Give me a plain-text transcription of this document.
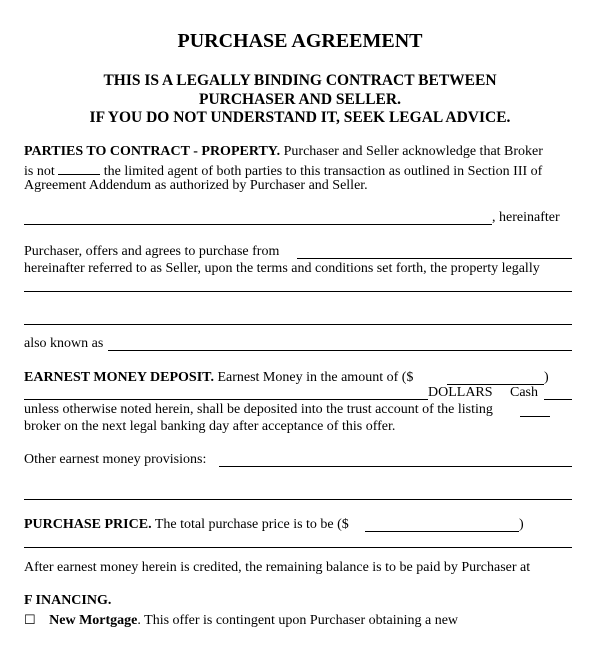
PURCHASE AGREEMENT
THIS IS A LEGALLY BINDING CONTRACT BETWEEN
PURCHASER AND SELLER.
IF YOU DO NOT UNDERSTAND IT, SEEK LEGAL ADVICE.
PARTIES TO CONTRACT - PROPERTY. Purchaser and Seller acknowledge that Broker
is not	the limited agent of both parties to this transaction as outlined in Section III of
Agreement Addendum as authorized by Purchaser and Seller.
, hereinafter
Purchaser, offers and agrees to purchase from
hereinafter referred to as Seller, upon the terms and conditions set forth, the property legally
also known as
EARNEST MONEY DEPOSIT. Earnest Money in the amount of ($	)
DOLLARS Cash
unless otherwise noted herein, shall be deposited into the trust account of the listing
broker on the next legal banking day after acceptance of this offer.
Other earnest money provisions:
PURCHASE PRICE. The total purchase price is to be ($	)
After earnest money herein is credited, the remaining balance is to be paid by Purchaser at
F INANCING.
☐ New Mortgage. This offer is contingent upon Purchaser obtaining a new
